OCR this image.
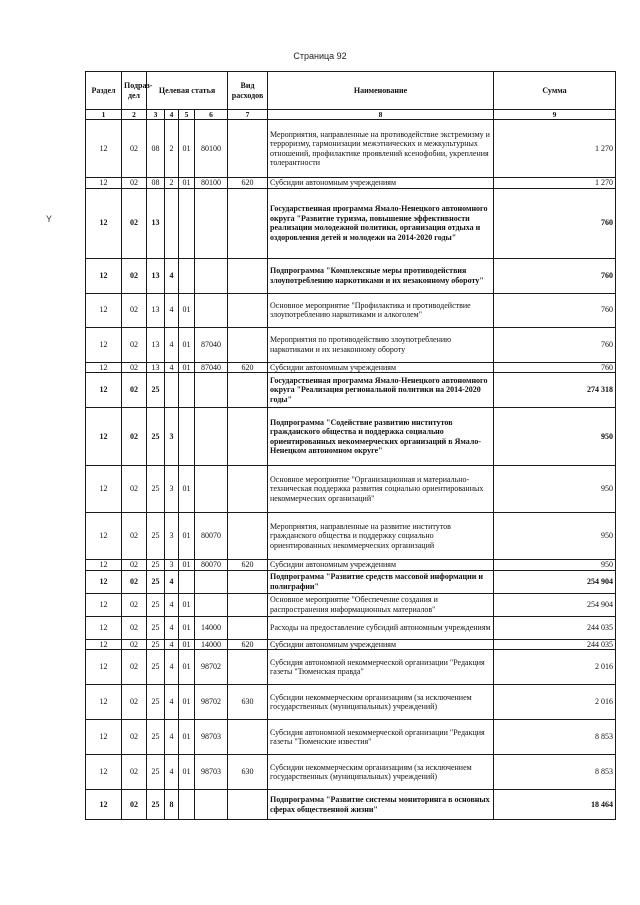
Страница 92
Y
Раздел	Подраз-дел	Целевая статья				Вид расходов	Наименование	Сумма
1	2	3	4	5	6	7	8	9
12	02	08	2	01	80100		Мероприятия, направленные на противодействие экстремизму и терроризму, гармонизации межэтнических и межкультурных отношений, профилактике проявлений ксенофобии, укрепления толерантности	1 270
12	02	08	2	01	80100	620	Субсидии автономным учреждениям	1 270
12	02	13					Государственная программа Ямало-Ненецкого автономного округа "Развитие туризма, повышение эффективности реализации молодежной политики, организация отдыха и оздоровления детей и молодежи на 2014-2020 годы"	760
12	02	13	4				Подпрограмма "Комплексные меры противодействия злоупотреблению наркотиками и их незаконному обороту"	760
12	02	13	4	01			Основное мероприятие "Профилактика и противодействие злоупотреблению наркотиками и алкоголем"	760
12	02	13	4	01	87040		Мероприятия по противодействию злоупотреблению наркотиками и их незаконному обороту	760
12	02	13	4	01	87040	620	Субсидии автономным учреждениям	760
12	02	25					Государственная программа Ямало-Ненецкого автономного округа "Реализация региональной политики на 2014-2020 годы"	274 318
12	02	25	3				Подпрограмма "Содействие развитию институтов гражданского общества и поддержка социально ориентированных некоммерческих организаций в Ямало-Ненецком автономном округе"	950
12	02	25	3	01			Основное мероприятие "Организационная и материально-техническая поддержка развития социально ориентированных некоммерческих организаций"	950
12	02	25	3	01	80070		Мероприятия, направленные на развитие институтов гражданского общества и поддержку социально ориентированных некоммерческих организаций	950
12	02	25	3	01	80070	620	Субсидии автономным учреждениям	950
12	02	25	4				Подпрограмма "Развитие средств массовой информации и полиграфии"	254 904
12	02	25	4	01			Основное мероприятие "Обеспечение создания и распространения информационных материалов"	254 904
12	02	25	4	01	14000		Расходы на предоставление субсидий автономным учреждениям	244 035
12	02	25	4	01	14000	620	Субсидии автономным учреждениям	244 035
12	02	25	4	01	98702		Субсидия автономной некоммерческой организации "Редакция газеты "Тюменская правда"	2 016
12	02	25	4	01	98702	630	Субсидии некоммерческим организациям (за исключением государственных (муниципальных) учреждений)	2 016
12	02	25	4	01	98703		Субсидия автономной некоммерческой организации "Редакция газеты "Тюменские известия"	8 853
12	02	25	4	01	98703	630	Субсидии некоммерческим организациям (за исключением государственных (муниципальных) учреждений)	8 853
12	02	25	8				Подпрограмма "Развитие системы мониторинга в основных сферах общественной жизни"	18 464
